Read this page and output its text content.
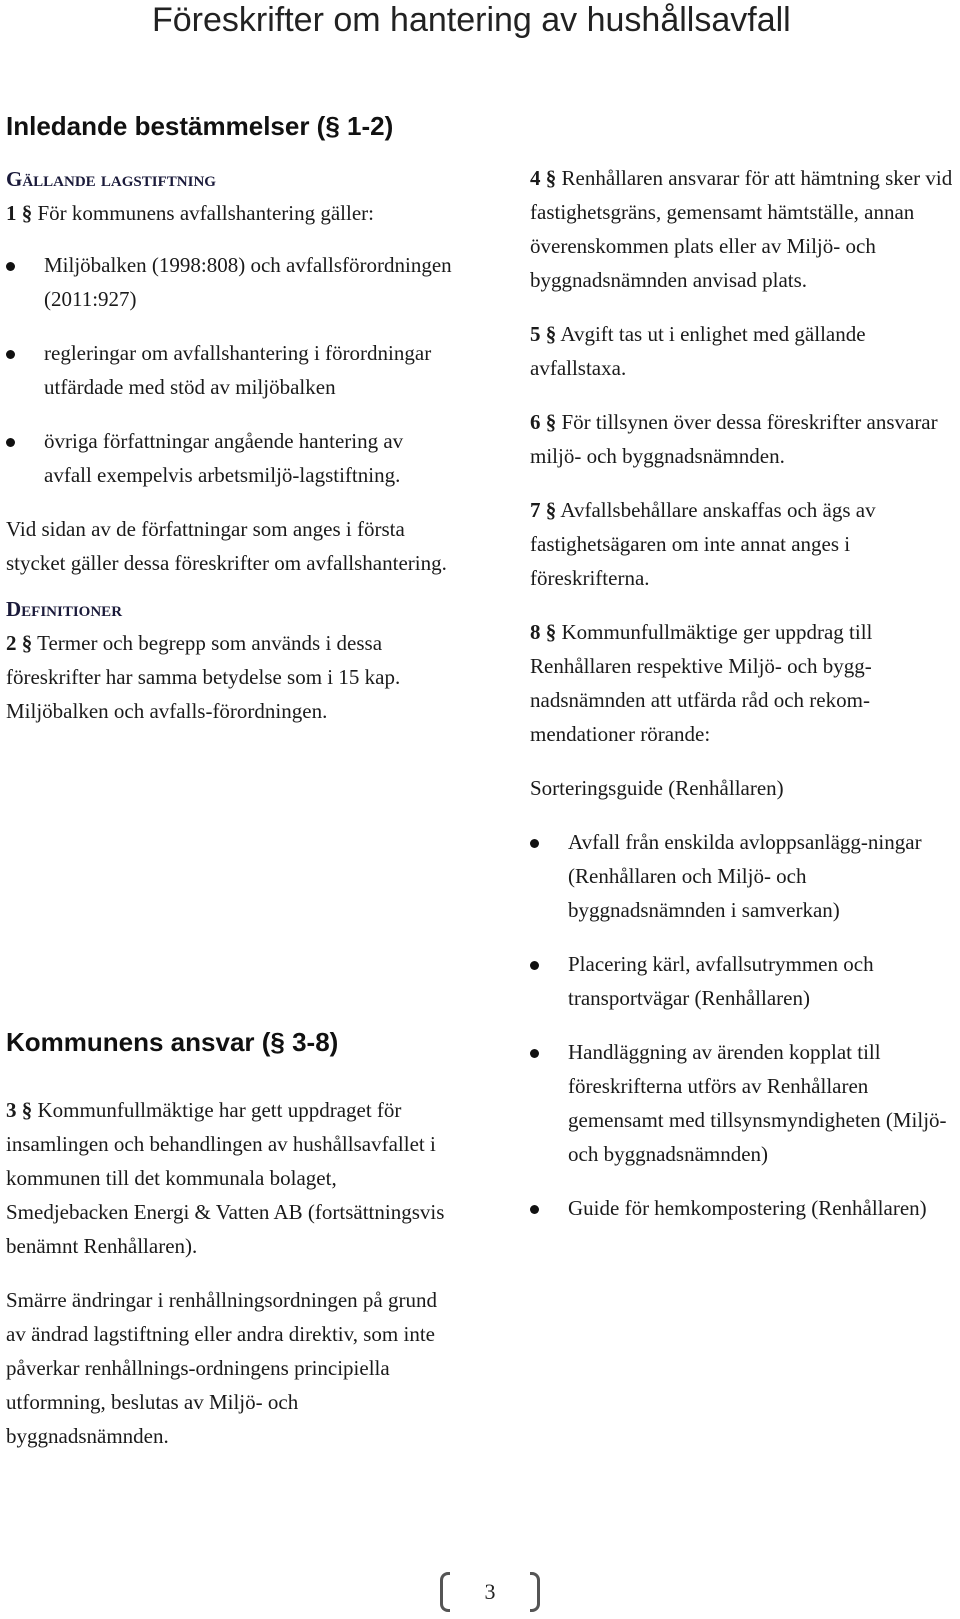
Föreskrifter om hantering av hushållsavfall
Inledande bestämmelser (§ 1-2)
Gällande lagstiftning

1 § För kommunens avfallshantering gäller:

Miljöbalken (1998:808) och avfallsförordningen (2011:927)
regleringar om avfallshantering i förordningar utfärdade med stöd av miljöbalken
övriga författningar angående hantering av avfall exempelvis arbetsmiljö-lagstiftning.

Vid sidan av de författningar som anges i första stycket gäller dessa föreskrifter om avfallshantering.

Definitioner

2 § Termer och begrepp som används i dessa föreskrifter har samma betydelse som i 15 kap. Miljöbalken och avfalls-förordningen.

Kommunens ansvar (§ 3-8)

3 § Kommunfullmäktige har gett uppdraget för insamlingen och behandlingen av hushållsavfallet i kommunen till det kommunala bolaget, Smedjebacken Energi & Vatten AB (fortsättningsvis benämnt Renhållaren).

Smärre ändringar i renhållningsordningen på grund av ändrad lagstiftning eller andra direktiv, som inte påverkar renhållnings-ordningens principiella utformning, beslutas av Miljö- och byggnadsnämnden.

4 § Renhållaren ansvarar för att hämtning sker vid fastighetsgräns, gemensamt hämtställe, annan överenskommen plats eller av Miljö- och byggnadsnämnden anvisad plats.

5 § Avgift tas ut i enlighet med gällande avfallstaxa.

6 § För tillsynen över dessa föreskrifter ansvarar miljö- och byggnadsnämnden.

7 § Avfallsbehållare anskaffas och ägs av fastighetsägaren om inte annat anges i föreskrifterna.

8 § Kommunfullmäktige ger uppdrag till Renhållaren respektive Miljö- och bygg-nadsnämnden att utfärda råd och rekom-mendationer rörande:

Sorteringsguide (Renhållaren)

Avfall från enskilda avloppsanlägg-ningar (Renhållaren och Miljö- och byggnadsnämnden i samverkan)
Placering kärl, avfallsutrymmen och transportvägar (Renhållaren)
Handläggning av ärenden kopplat till föreskrifterna utförs av Renhållaren gemensamt med tillsynsmyndigheten (Miljö- och byggnadsnämnden)
Guide för hemkompostering (Renhållaren)
3
